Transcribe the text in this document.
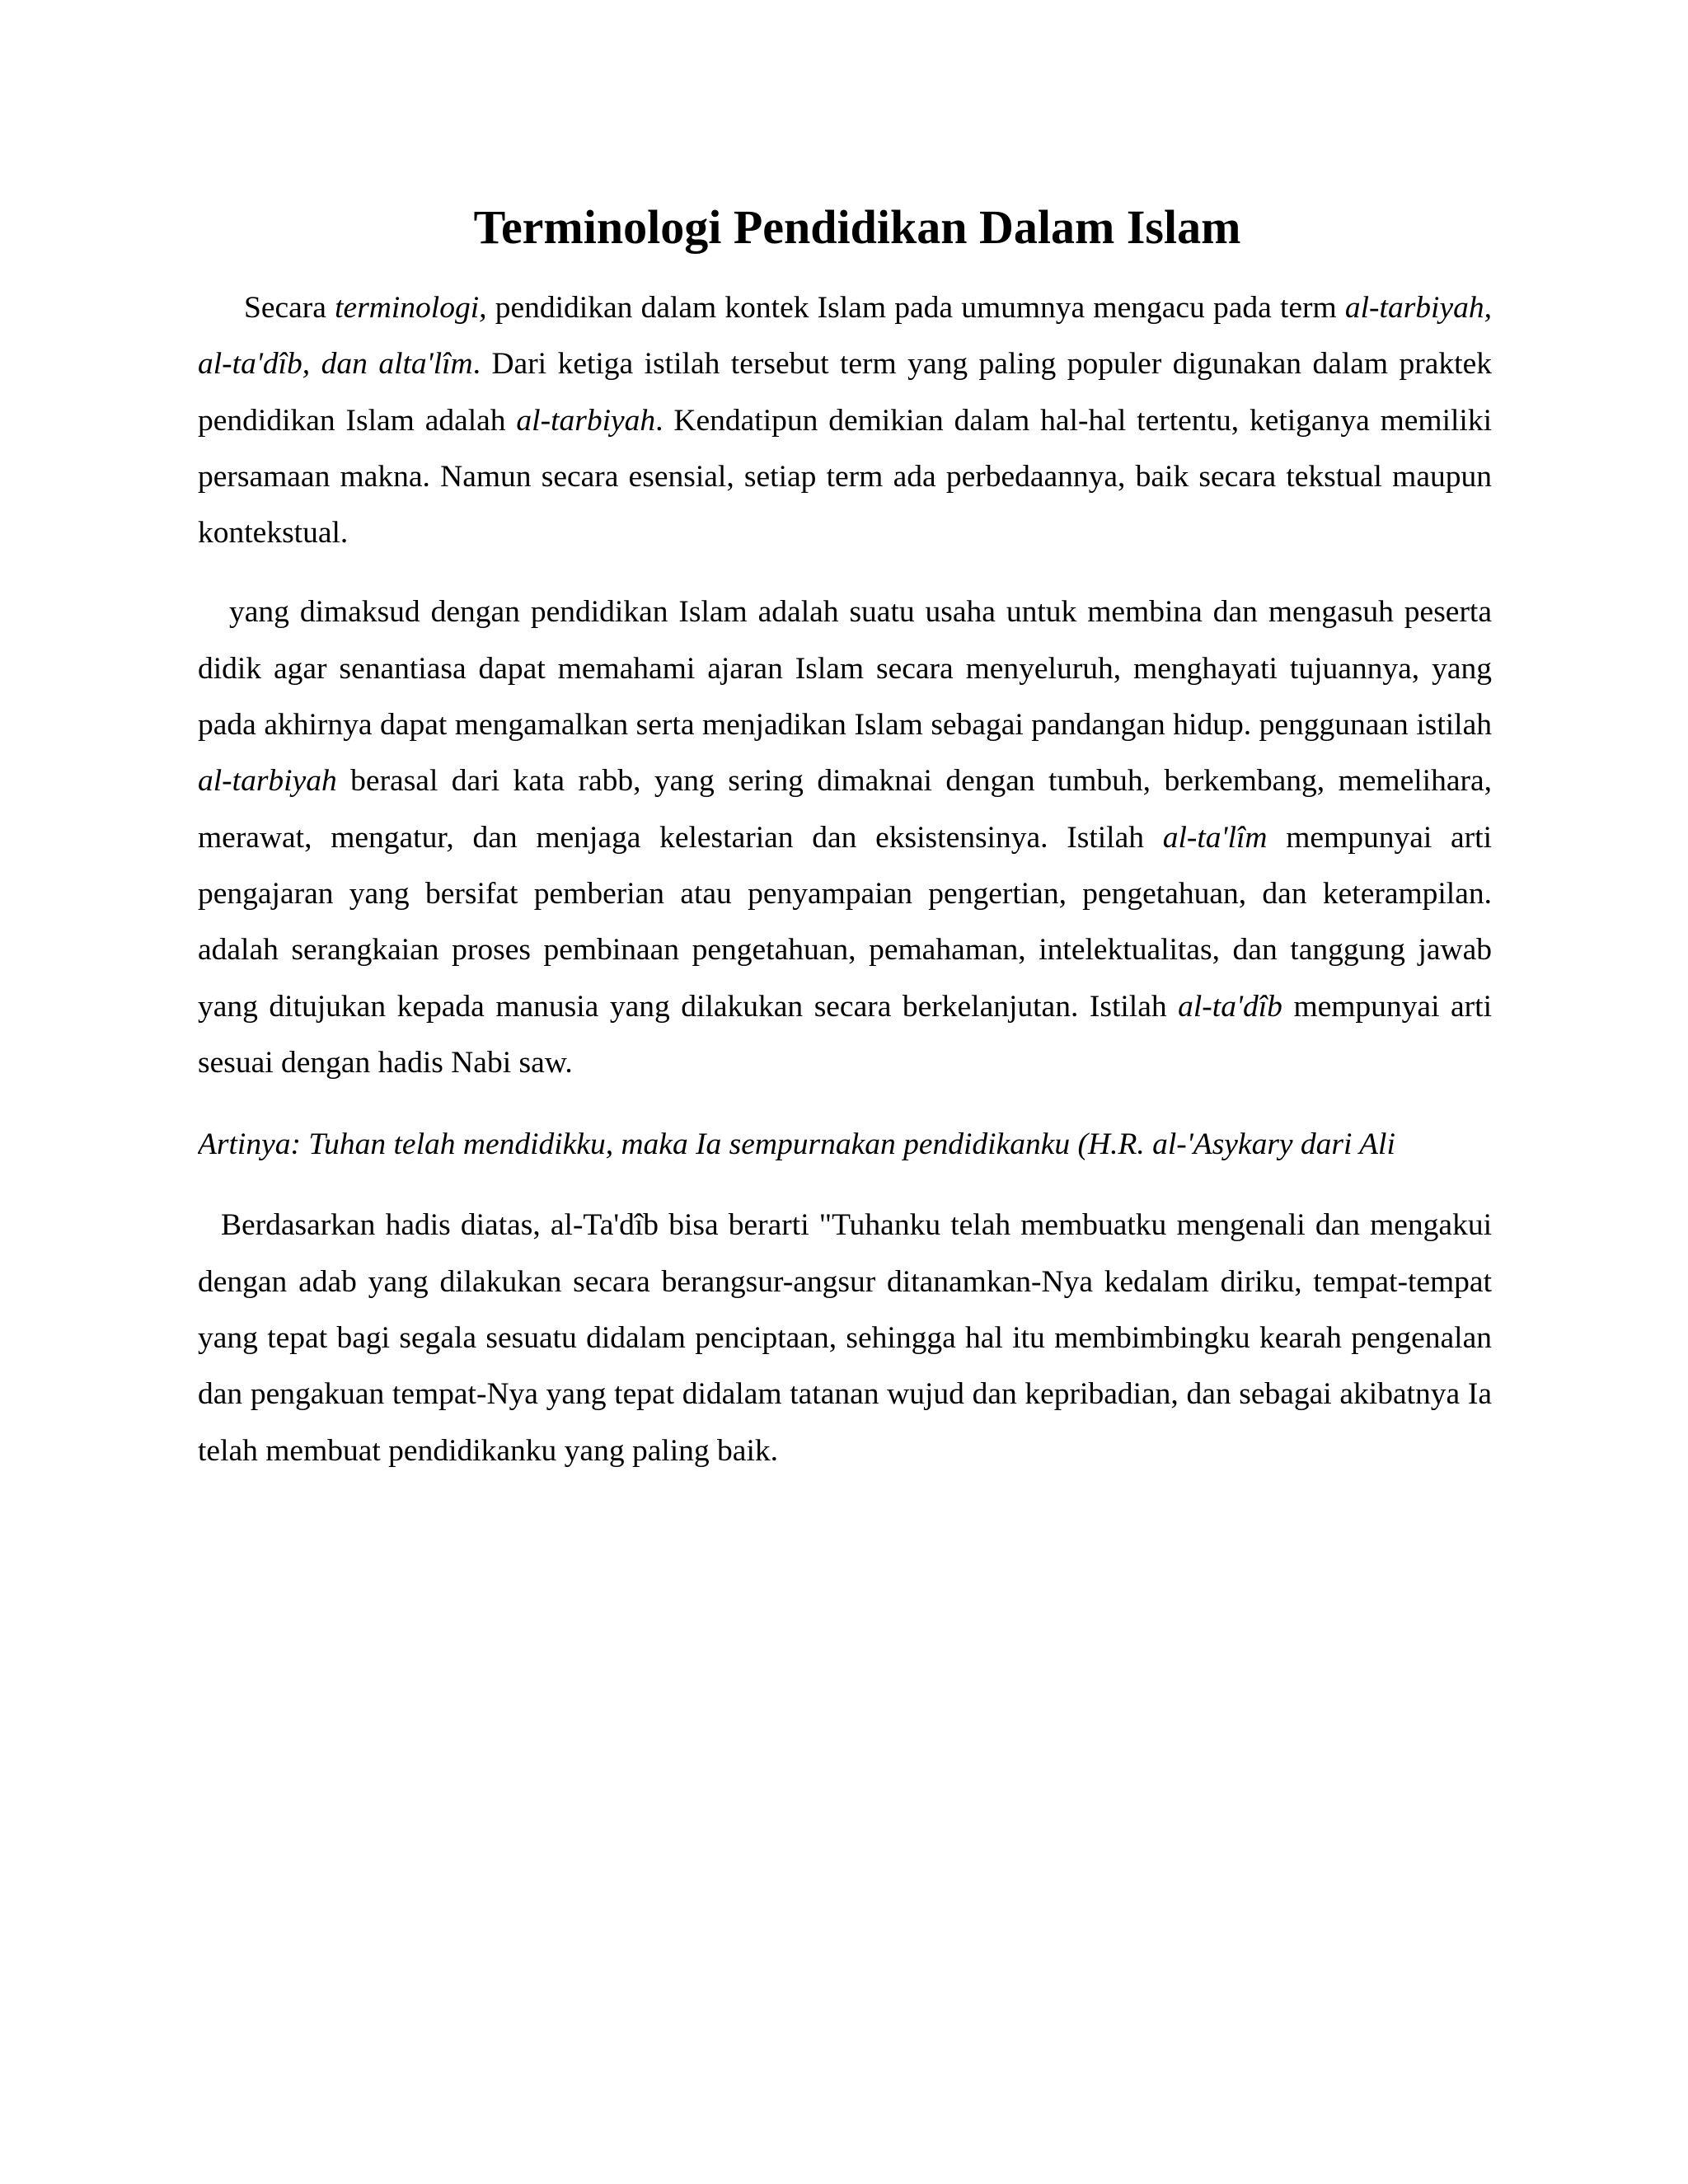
Terminologi Pendidikan Dalam Islam

Secara terminologi, pendidikan dalam kontek Islam pada umumnya mengacu pada term al-tarbiyah, al-ta'dîb, dan alta'lîm. Dari ketiga istilah tersebut term yang paling populer digunakan dalam praktek pendidikan Islam adalah al-tarbiyah. Kendatipun demikian dalam hal-hal tertentu, ketiganya memiliki persamaan makna. Namun secara esensial, setiap term ada perbedaannya, baik secara tekstual maupun kontekstual.

yang dimaksud dengan pendidikan Islam adalah suatu usaha untuk membina dan mengasuh peserta didik agar senantiasa dapat memahami ajaran Islam secara menyeluruh, menghayati tujuannya, yang pada akhirnya dapat mengamalkan serta menjadikan Islam sebagai pandangan hidup. penggunaan istilah al-tarbiyah berasal dari kata rabb, yang sering dimaknai dengan tumbuh, berkembang, memelihara, merawat, mengatur, dan menjaga kelestarian dan eksistensinya. Istilah al-ta'lîm mempunyai arti pengajaran yang bersifat pemberian atau penyampaian pengertian, pengetahuan, dan keterampilan. adalah serangkaian proses pembinaan pengetahuan, pemahaman, intelektualitas, dan tanggung jawab yang ditujukan kepada manusia yang dilakukan secara berkelanjutan. Istilah al-ta'dîb mempunyai arti sesuai dengan hadis Nabi saw.

Artinya: Tuhan telah mendidikku, maka Ia sempurnakan pendidikanku (H.R. al-'Asykary dari Ali

Berdasarkan hadis diatas, al-Ta'dîb bisa berarti "Tuhanku telah membuatku mengenali dan mengakui dengan adab yang dilakukan secara berangsur-angsur ditanamkan-Nya kedalam diriku, tempat-tempat yang tepat bagi segala sesuatu didalam penciptaan, sehingga hal itu membimbingku kearah pengenalan dan pengakuan tempat-Nya yang tepat didalam tatanan wujud dan kepribadian, dan sebagai akibatnya Ia telah membuat pendidikanku yang paling baik.
